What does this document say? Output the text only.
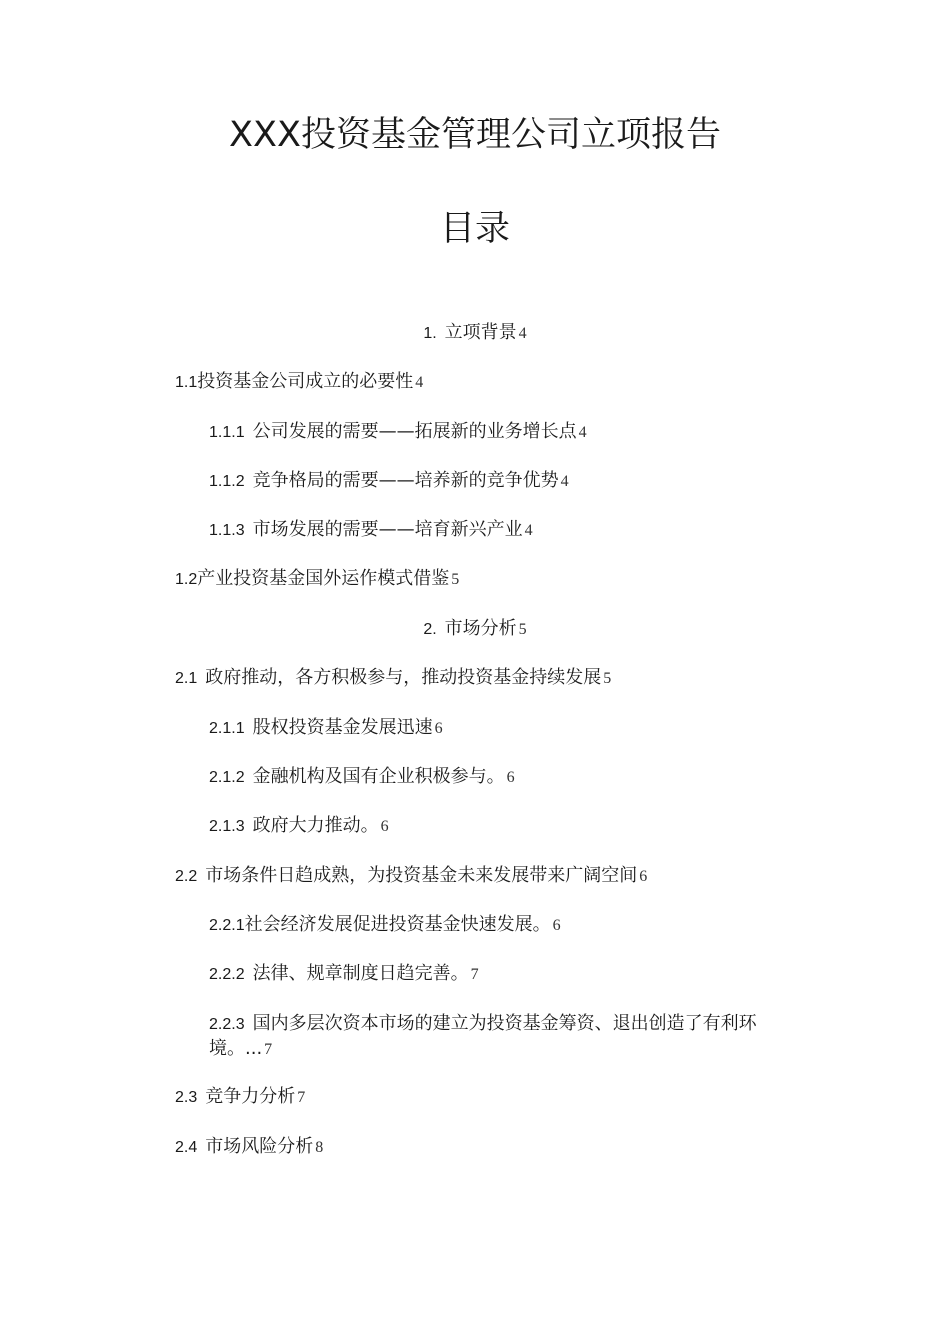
XXX投资基金管理公司立项报告
目录
1. 立项背景 4
1.1投资基金公司成立的必要性 4
1.1.1 公司发展的需要——拓展新的业务增长点 4
1.1.2 竞争格局的需要——培养新的竞争优势 4
1.1.3 市场发展的需要——培育新兴产业 4
1.2产业投资基金国外运作模式借鉴 5
2. 市场分析 5
2.1 政府推动，各方积极参与，推动投资基金持续发展 5
2.1.1 股权投资基金发展迅速 6
2.1.2 金融机构及国有企业积极参与。 6
2.1.3 政府大力推动。 6
2.2 市场条件日趋成熟，为投资基金未来发展带来广阔空间 6
2.2.1社会经济发展促进投资基金快速发展。 6
2.2.2 法律、规章制度日趋完善。 7
2.2.3 国内多层次资本市场的建立为投资基金筹资、退出创造了有利环境。... 7
2.3 竞争力分析 7
2.4 市场风险分析 8
